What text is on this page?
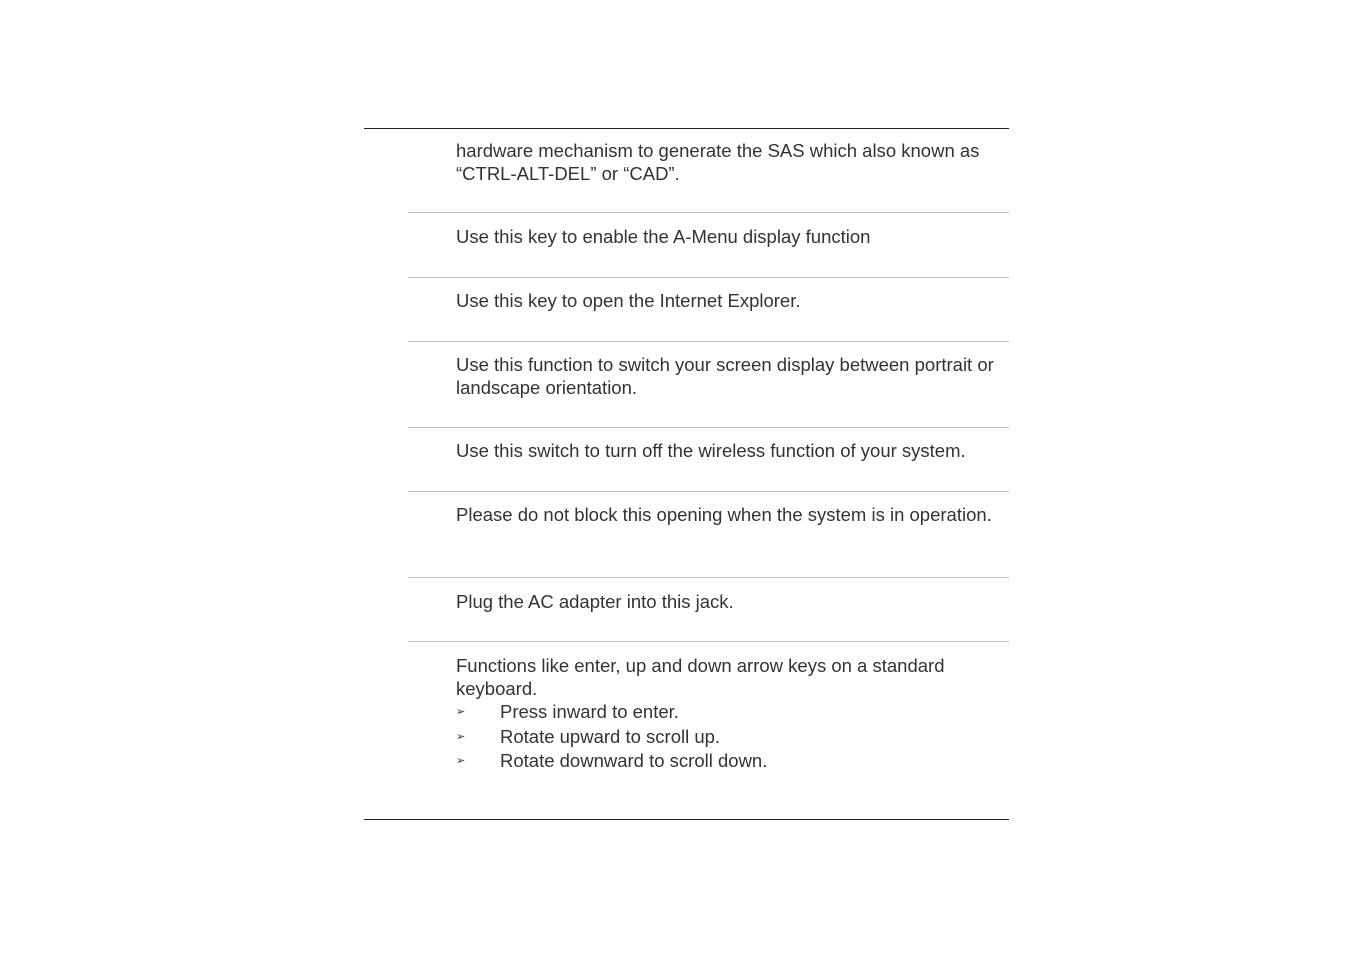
hardware mechanism to generate the SAS which also known as “CTRL-ALT-DEL” or “CAD”.

Use this key to enable the A-Menu display function

Use this key to open the Internet Explorer.

Use this function to switch your screen display between portrait or landscape orientation.

Use this switch to turn off the wireless function of your system.

Please do not block this opening when the system is in operation.

Plug the AC adapter into this jack.

Functions like enter, up and down arrow keys on a standard keyboard.

➢ Press inward to enter.
➢ Rotate upward to scroll up.
➢ Rotate downward to scroll down.
